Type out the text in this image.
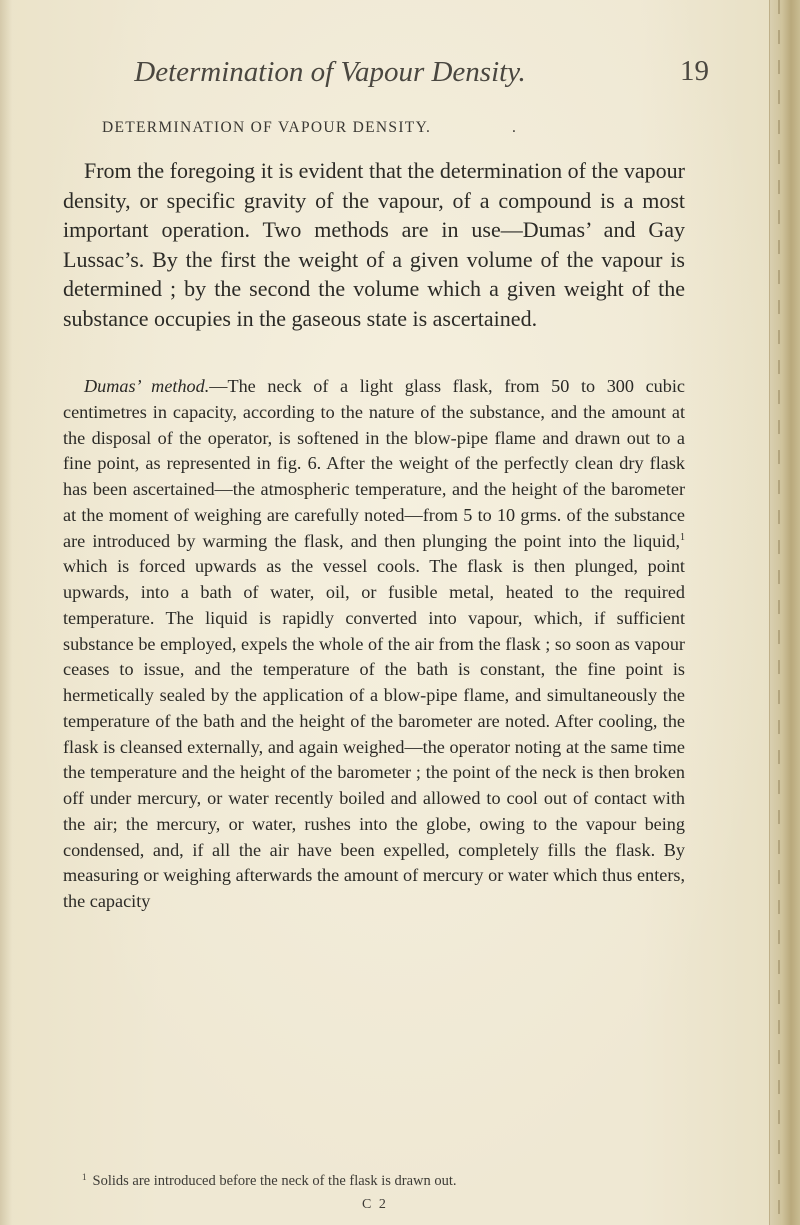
Determination of Vapour Density.	19
DETERMINATION OF VAPOUR DENSITY.	.

From the foregoing it is evident that the determination of the vapour density, or specific gravity of the vapour, of a compound is a most important operation. Two methods are in use—Dumas’ and Gay Lussac’s. By the first the weight of a given volume of the vapour is determined ; by the second the volume which a given weight of the substance occupies in the gaseous state is ascertained.

Dumas’ method.—The neck of a light glass flask, from 50 to 300 cubic centimetres in capacity, according to the nature of the substance, and the amount at the disposal of the operator, is softened in the blow-pipe flame and drawn out to a fine point, as represented in fig. 6. After the weight of the perfectly clean dry flask has been ascertained—the atmospheric temperature, and the height of the barometer at the moment of weighing are carefully noted—from 5 to 10 grms. of the substance are introduced by warming the flask, and then plunging the point into the liquid,$^1$ which is forced upwards as the vessel cools. The flask is then plunged, point upwards, into a bath of water, oil, or fusible metal, heated to the required temperature. The liquid is rapidly converted into vapour, which, if sufficient substance be employed, expels the whole of the air from the flask ; so soon as vapour ceases to issue, and the temperature of the bath is constant, the fine point is hermetically sealed by the application of a blow-pipe flame, and simultaneously the temperature of the bath and the height of the barometer are noted. After cooling, the flask is cleansed externally, and again weighed—the operator noting at the same time the temperature and the height of the barometer ; the point of the neck is then broken off under mercury, or water recently boiled and allowed to cool out of contact with the air; the mercury, or water, rushes into the globe, owing to the vapour being condensed, and, if all the air have been expelled, completely fills the flask. By measuring or weighing afterwards the amount of mercury or water which thus enters, the capacity

$^1$ Solids are introduced before the neck of the flask is drawn out.
C 2
